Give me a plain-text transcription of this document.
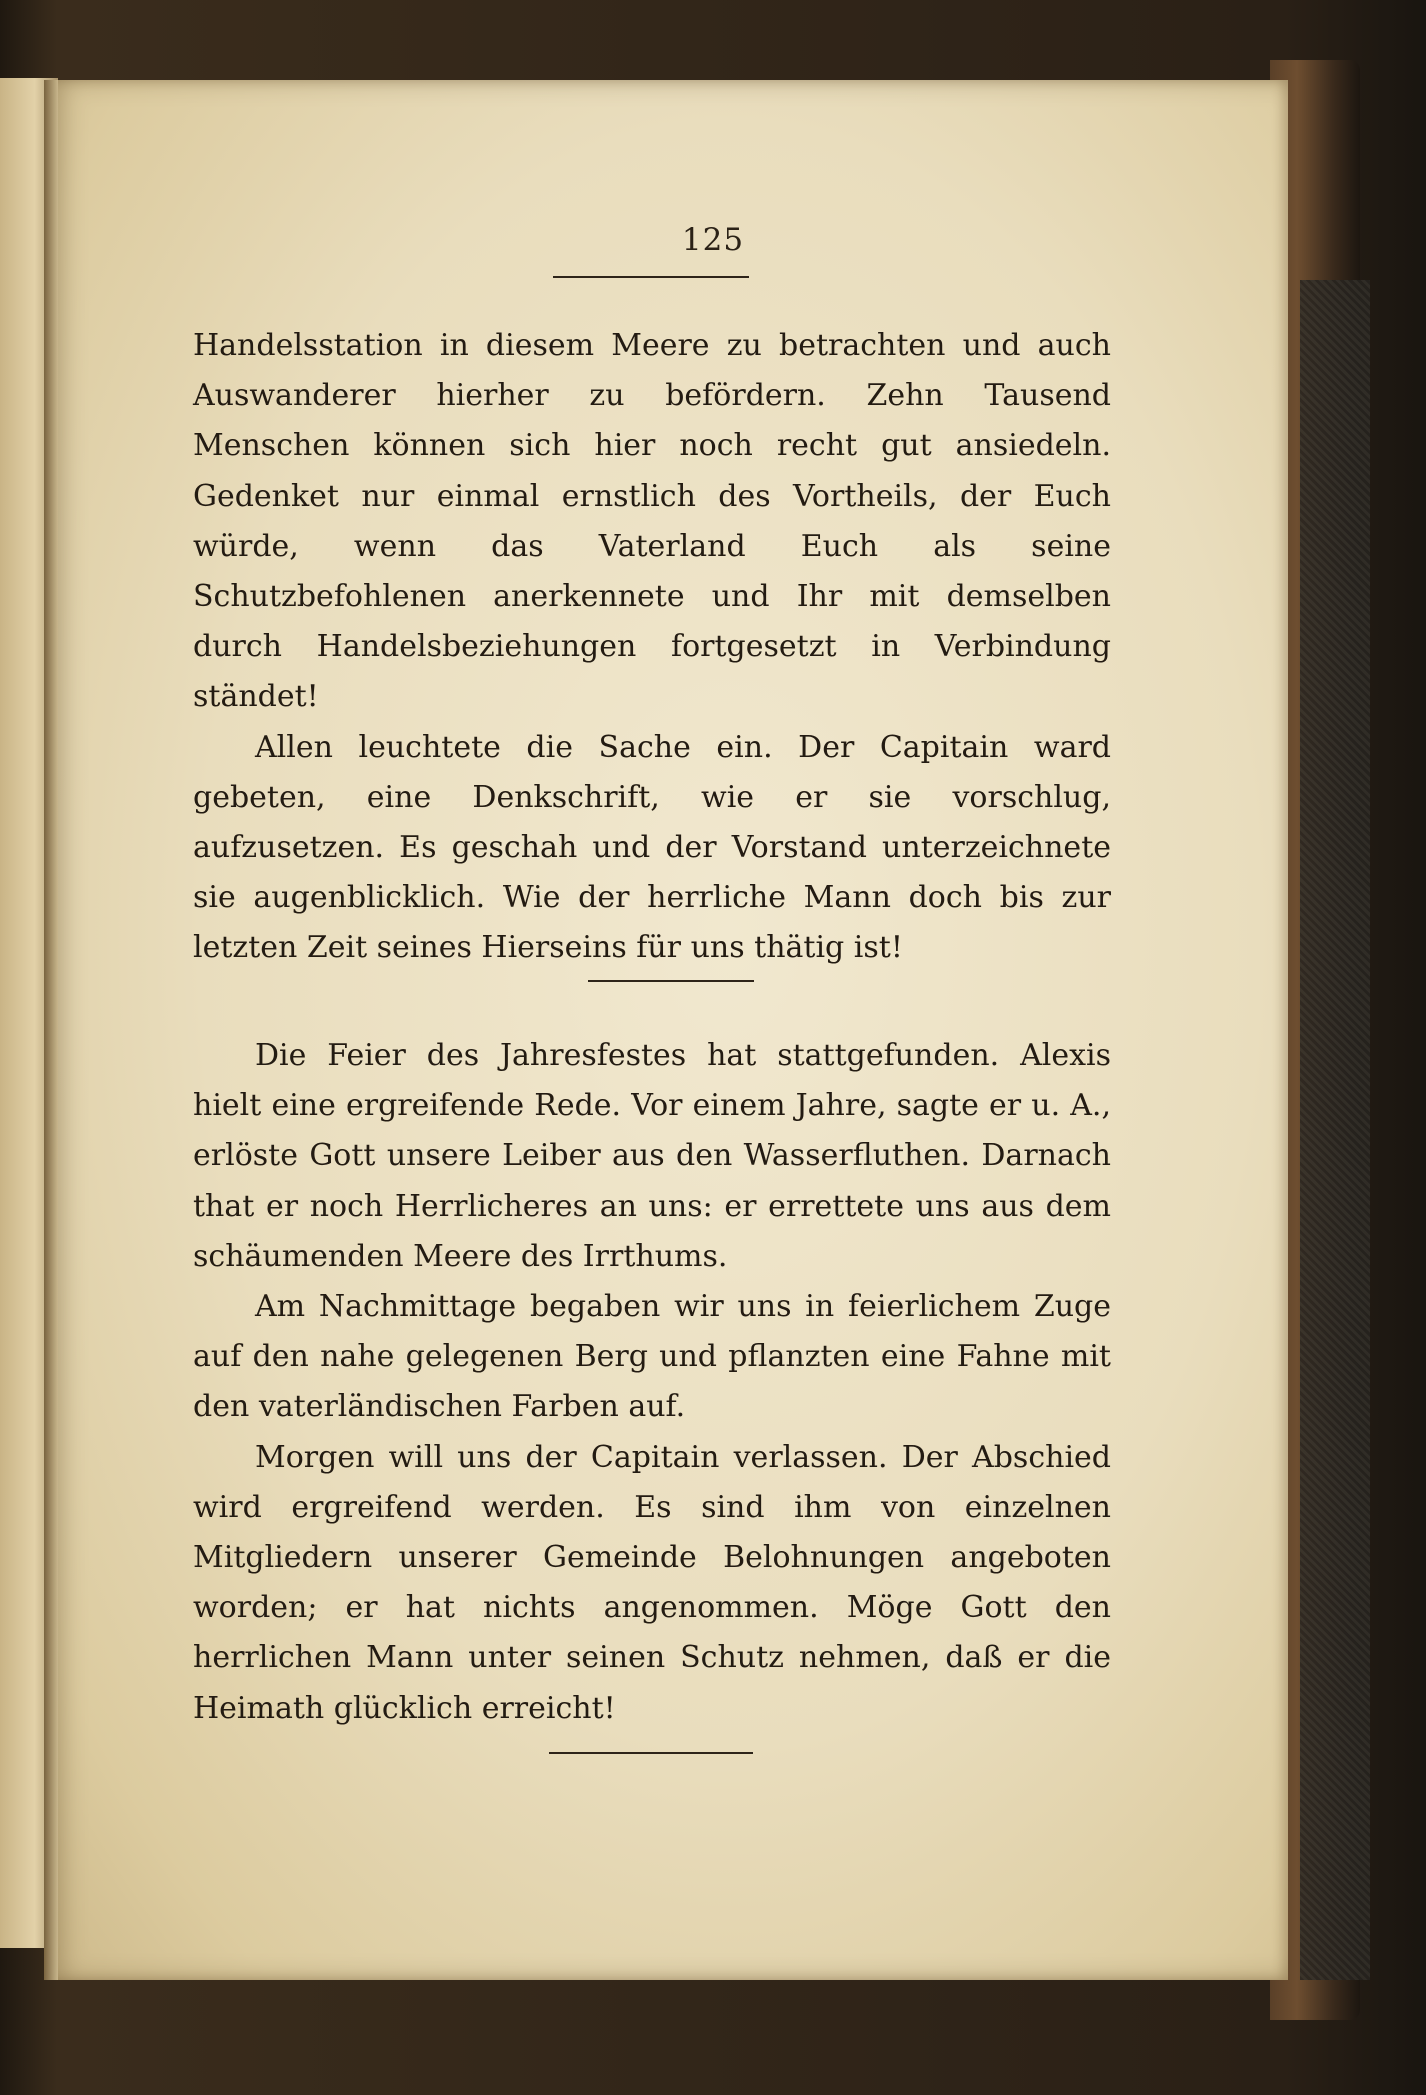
125

Handelsstation in diesem Meere zu betrachten und auch Auswanderer hierher zu befördern. Zehn Tausend Menschen können sich hier noch recht gut ansiedeln. Gedenket nur einmal ernstlich des Vortheils, der Euch würde, wenn das Vaterland Euch als seine Schutzbefohlenen anerkennete und Ihr mit demselben durch Handelsbeziehungen fortgesetzt in Verbindung ständet!

Allen leuchtete die Sache ein. Der Capitain ward gebeten, eine Denkschrift, wie er sie vorschlug, aufzusetzen. Es geschah und der Vorstand unterzeichnete sie augenblicklich. Wie der herrliche Mann doch bis zur letzten Zeit seines Hierseins für uns thätig ist!

Die Feier des Jahresfestes hat stattgefunden. Alexis hielt eine ergreifende Rede. Vor einem Jahre, sagte er u. A., erlöste Gott unsere Leiber aus den Wasserfluthen. Darnach that er noch Herrlicheres an uns: er errettete uns aus dem schäumenden Meere des Irrthums.

Am Nachmittage begaben wir uns in feierlichem Zuge auf den nahe gelegenen Berg und pflanzten eine Fahne mit den vaterländischen Farben auf.

Morgen will uns der Capitain verlassen. Der Abschied wird ergreifend werden. Es sind ihm von einzelnen Mitgliedern unserer Gemeinde Belohnungen angeboten worden; er hat nichts angenommen. Möge Gott den herrlichen Mann unter seinen Schutz nehmen, daß er die Heimath glücklich erreicht!
